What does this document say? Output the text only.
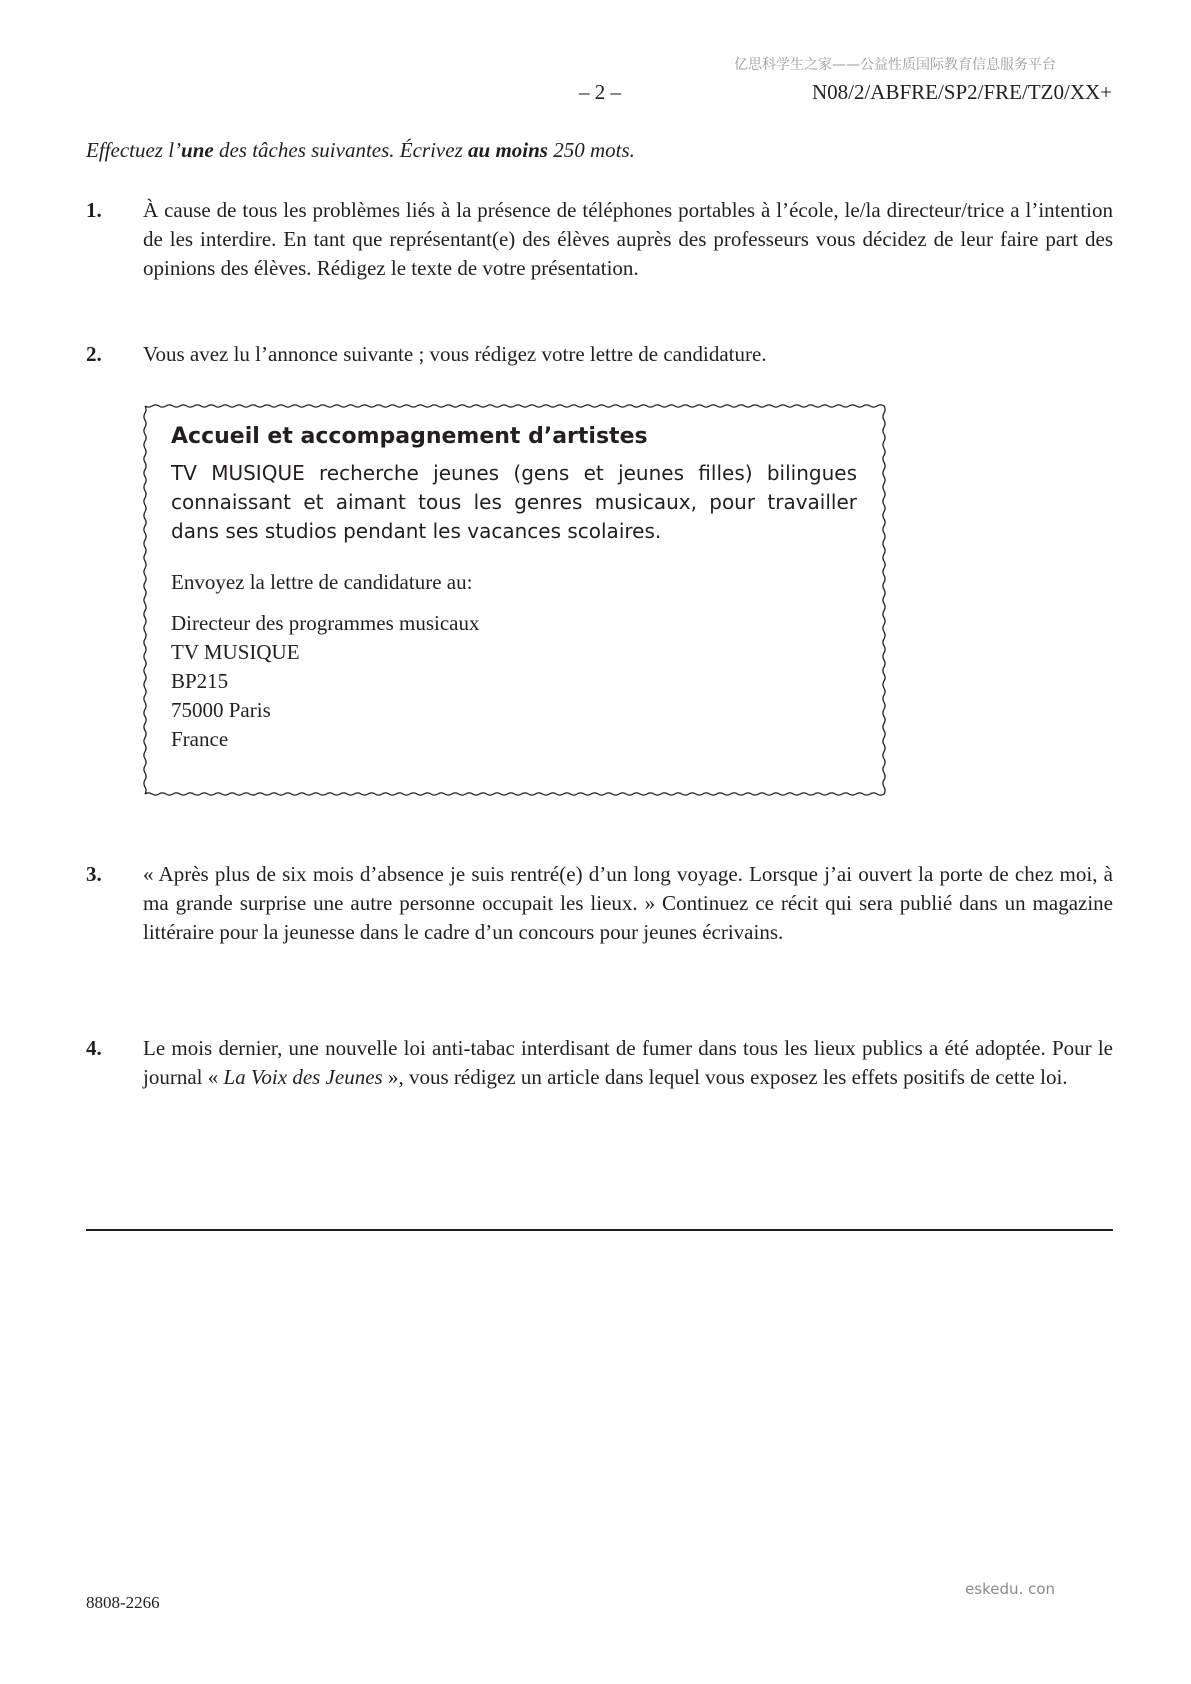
亿思科学生之家——公益性质国际教育信息服务平台
– 2 –	N08/2/ABFRE/SP2/FRE/TZ0/XX+
Effectuez l’une des tâches suivantes. Écrivez au moins 250 mots.
1. À cause de tous les problèmes liés à la présence de téléphones portables à l’école, le/la directeur/trice a l’intention de les interdire. En tant que représentant(e) des élèves auprès des professeurs vous décidez de leur faire part des opinions des élèves. Rédigez le texte de votre présentation.
2. Vous avez lu l’annonce suivante ; vous rédigez votre lettre de candidature.
Accueil et accompagnement d’artistes
TV MUSIQUE recherche jeunes (gens et jeunes filles) bilingues connaissant et aimant tous les genres musicaux, pour travailler dans ses studios pendant les vacances scolaires.
Envoyez la lettre de candidature au:
Directeur des programmes musicaux
TV MUSIQUE
BP215
75000 Paris
France
3. « Après plus de six mois d’absence je suis rentré(e) d’un long voyage. Lorsque j’ai ouvert la porte de chez moi, à ma grande surprise une autre personne occupait les lieux. » Continuez ce récit qui sera publié dans un magazine littéraire pour la jeunesse dans le cadre d’un concours pour jeunes écrivains.
4. Le mois dernier, une nouvelle loi anti-tabac interdisant de fumer dans tous les lieux publics a été adoptée. Pour le journal « La Voix des Jeunes », vous rédigez un article dans lequel vous exposez les effets positifs de cette loi.
8808-2266
eskedu. con
